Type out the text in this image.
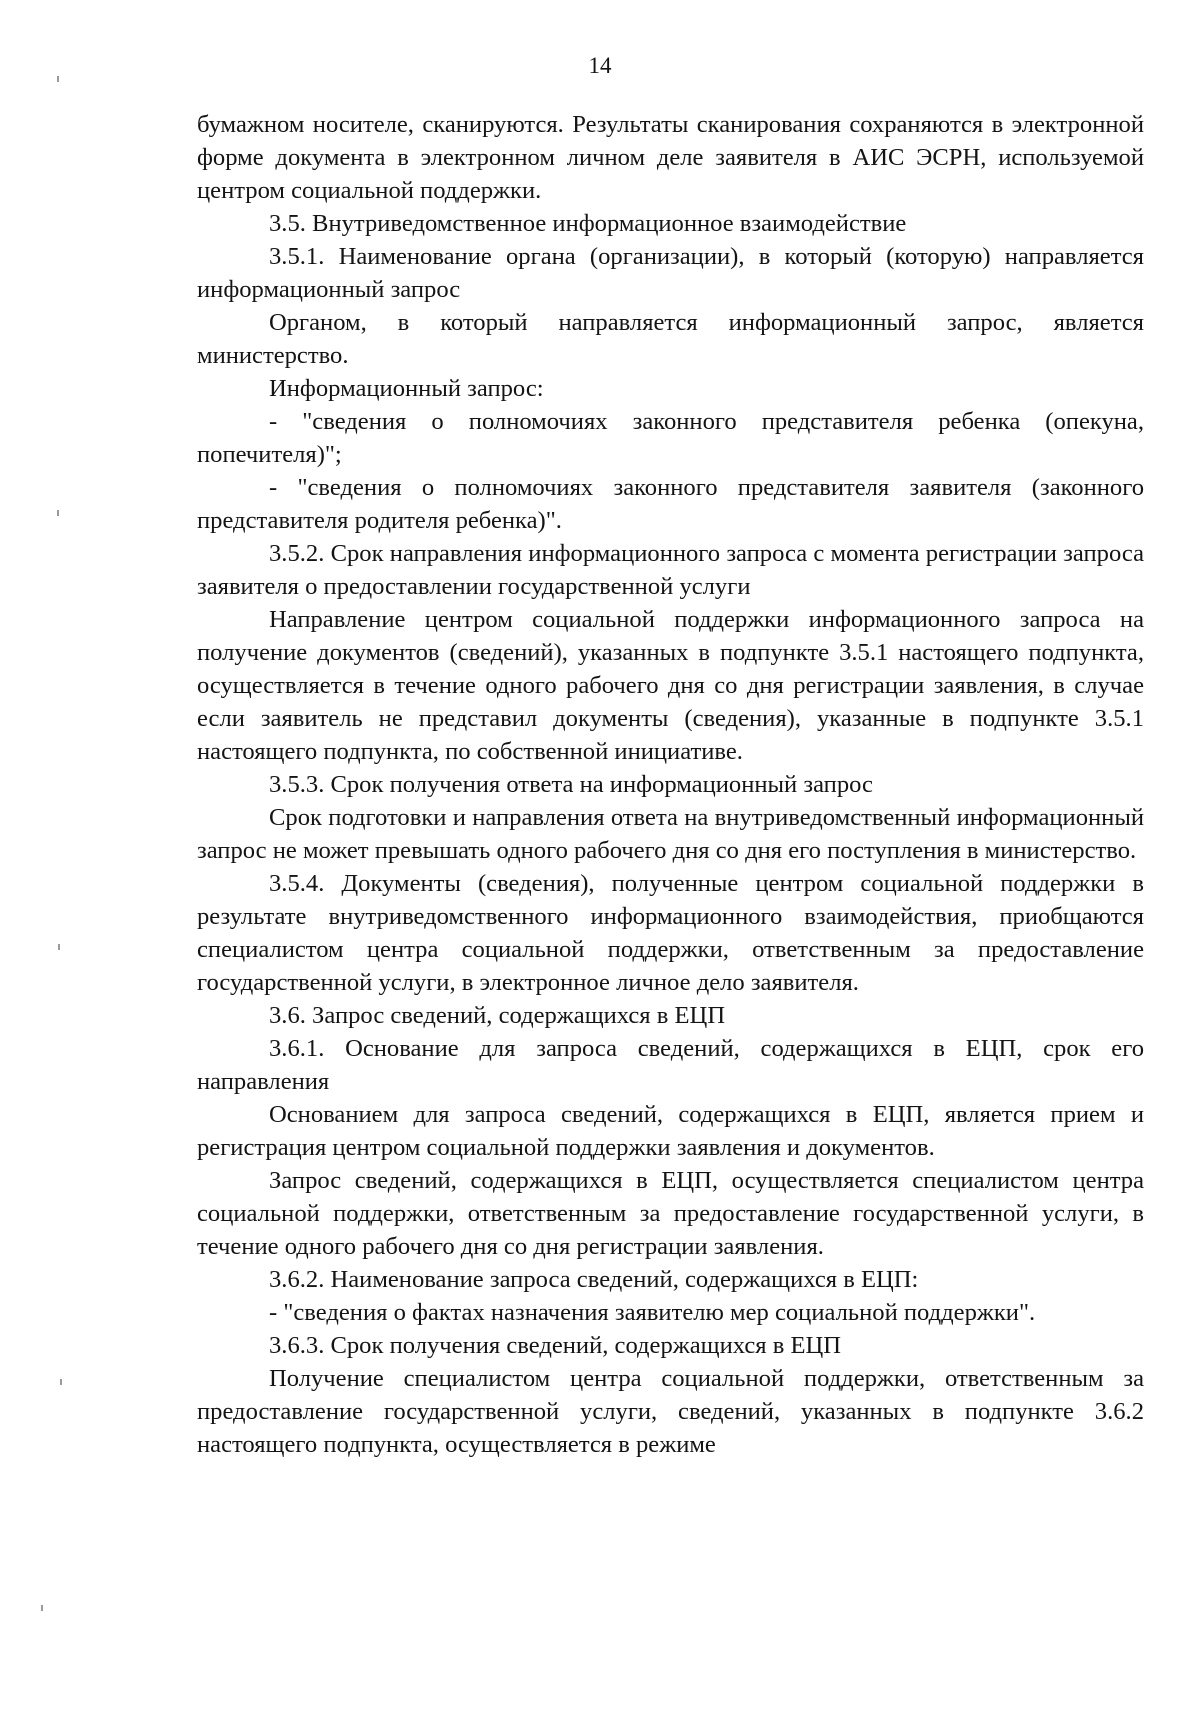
14

бумажном носителе, сканируются. Результаты сканирования сохраняются в электронной форме документа в электронном личном деле заявителя в АИС ЭСРН, используемой центром социальной поддержки.

3.5. Внутриведомственное информационное взаимодействие

3.5.1. Наименование органа (организации), в который (которую) направляется информационный запрос

Органом, в который направляется информационный запрос, является министерство.

Информационный запрос:

- "сведения о полномочиях законного представителя ребенка (опекуна, попечителя)";

- "сведения о полномочиях законного представителя заявителя (законного представителя родителя ребенка)".

3.5.2. Срок направления информационного запроса с момента регистрации запроса заявителя о предоставлении государственной услуги

Направление центром социальной поддержки информационного запроса на получение документов (сведений), указанных в подпункте 3.5.1 настоящего подпункта, осуществляется в течение одного рабочего дня со дня регистрации заявления, в случае если заявитель не представил документы (сведения), указанные в подпункте 3.5.1 настоящего подпункта, по собственной инициативе.

3.5.3. Срок получения ответа на информационный запрос

Срок подготовки и направления ответа на внутриведомственный информационный запрос не может превышать одного рабочего дня со дня его поступления в министерство.

3.5.4. Документы (сведения), полученные центром социальной поддержки в результате внутриведомственного информационного взаимодействия, приобщаются специалистом центра социальной поддержки, ответственным за предоставление государственной услуги, в электронное личное дело заявителя.

3.6. Запрос сведений, содержащихся в ЕЦП

3.6.1. Основание для запроса сведений, содержащихся в ЕЦП, срок его направления

Основанием для запроса сведений, содержащихся в ЕЦП, является прием и регистрация центром социальной поддержки заявления и документов.

Запрос сведений, содержащихся в ЕЦП, осуществляется специалистом центра социальной поддержки, ответственным за предоставление государственной услуги, в течение одного рабочего дня со дня регистрации заявления.

3.6.2. Наименование запроса сведений, содержащихся в ЕЦП:

- "сведения о фактах назначения заявителю мер социальной поддержки".

3.6.3. Срок получения сведений, содержащихся в ЕЦП

Получение специалистом центра социальной поддержки, ответственным за предоставление государственной услуги, сведений, указанных в подпункте 3.6.2 настоящего подпункта, осуществляется в режиме
